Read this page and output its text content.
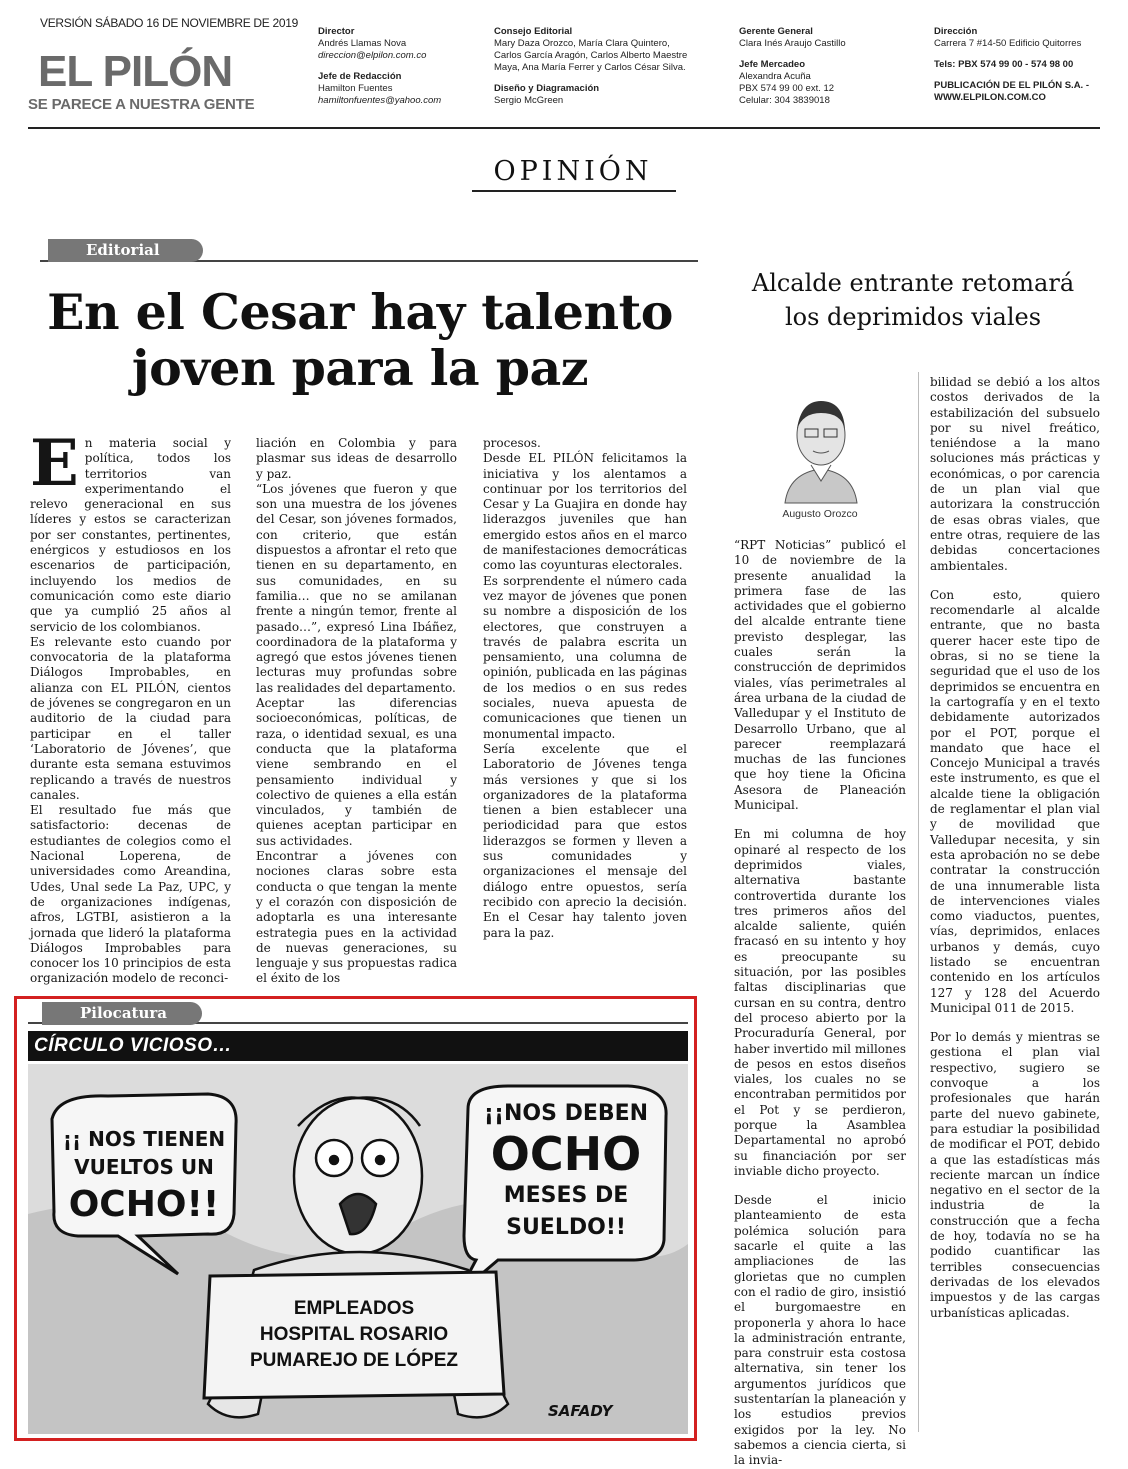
VERSIÓN SÁBADO 16 DE NOVIEMBRE DE 2019
EL PILÓN
SE PARECE A NUESTRA GENTE
Director
Andrés Llamas Nova
direccion@elpilon.com.co
Jefe de Redacción
Hamilton Fuentes
hamiltonfuentes@yahoo.com
Consejo Editorial
Mary Daza Orozco, María Clara Quintero,
Carlos García Aragón, Carlos Alberto Maestre
Maya, Ana María Ferrer y Carlos César Silva.
Diseño y Diagramación
Sergio McGreen
Gerente General
Clara Inés Araujo Castillo
Jefe Mercadeo
Alexandra Acuña
PBX 574 99 00 ext. 12
Celular: 304 3839018
Dirección
Carrera 7 #14-50 Edificio Quitorres
Tels: PBX 574 99 00 - 574 98 00
PUBLICACIÓN DE EL PILÓN S.A. -
WWW.ELPILON.COM.CO
OPINIÓN
Editorial
En el Cesar hay talento
joven para la paz
E n materia social y política, todos los territorios van experimentando el relevo generacional en sus líderes y estos se caracterizan por ser constantes, pertinentes, enérgicos y estudiosos en los escenarios de participación, incluyendo los medios de comunicación como este diario que ya cumplió 25 años al servicio de los colombianos.

Es relevante esto cuando por convocatoria de la plataforma Diálogos Improbables, en alianza con EL PILÓN, cientos de jóvenes se congregaron en un auditorio de la ciudad para participar en el taller ‘Laboratorio de Jóvenes’, que durante esta semana estuvimos replicando a través de nuestros canales.

El resultado fue más que satisfactorio: decenas de estudiantes de colegios como el Nacional Loperena, de universidades como Areandina, Udes, Unal sede La Paz, UPC, y de organizaciones indígenas, afros, LGTBI, asistieron a la jornada que lideró la plataforma Diálogos Improbables para conocer los 10 principios de esta organización modelo de reconci-

liación en Colombia y para plasmar sus ideas de desarrollo y paz.

“Los jóvenes que fueron y que son una muestra de los jóvenes del Cesar, son jóvenes formados, con criterio, que están dispuestos a afrontar el reto que tienen en su departamento, en sus comunidades, en su familia… que no se amilanan frente a ningún temor, frente al pasado…”, expresó Lina Ibáñez, coordinadora de la plataforma y agregó que estos jóvenes tienen lecturas muy profundas sobre las realidades del departamento.

Aceptar las diferencias socioeconómicas, políticas, de raza, o identidad sexual, es una conducta que la plataforma viene sembrando en el pensamiento individual y colectivo de quienes a ella están vinculados, y también de quienes aceptan participar en sus actividades.

Encontrar a jóvenes con nociones claras sobre esta conducta o que tengan la mente y el corazón con disposición de adoptarla es una interesante estrategia pues en la actividad de nuevas generaciones, su lenguaje y sus propuestas radica el éxito de los

procesos.

Desde EL PILÓN felicitamos la iniciativa y los alentamos a continuar por los territorios del Cesar y La Guajira en donde hay liderazgos juveniles que han emergido estos años en el marco de manifestaciones democráticas como las coyunturas electorales.

Es sorprendente el número cada vez mayor de jóvenes que ponen su nombre a disposición de los electores, que construyen a través de palabra escrita un pensamiento, una columna de opinión, publicada en las páginas de los medios o en sus redes sociales, nueva apuesta de comunicaciones que tienen un monumental impacto.

Sería excelente que el Laboratorio de Jóvenes tenga más versiones y que si los organizadores de la plataforma tienen a bien establecer una periodicidad para que estos liderazgos se formen y lleven a sus comunidades y organizaciones el mensaje del diálogo entre opuestos, sería recibido con aprecio la decisión. En el Cesar hay talento joven para la paz.

Pilocatura
CÍRCULO VICIOSO…
¡¡ NOS TIENEN
VUELTOS UN
OCHO!!
¡¡NOS DEBEN
OCHO
MESES DE
SUELDO!!
EMPLEADOS
HOSPITAL ROSARIO
PUMAREJO DE LÓPEZ
SAFADY
Alcalde entrante retomará
los deprimidos viales
Augusto Orozco

“RPT Noticias” publicó el 10 de noviembre de la presente anualidad la primera fase de las actividades que el gobierno del alcalde entrante tiene previsto desplegar, las cuales serán la construcción de deprimidos viales, vías perimetrales al área urbana de la ciudad de Valledupar y el Instituto de Desarrollo Urbano, que al parecer reemplazará muchas de las funciones que hoy tiene la Oficina Asesora de Planeación Municipal.

En mi columna de hoy opinaré al respecto de los deprimidos viales, alternativa bastante controvertida durante los tres primeros años del alcalde saliente, quién fracasó en su intento y hoy es preocupante su situación, por las posibles faltas disciplinarias que cursan en su contra, dentro del proceso abierto por la Procuraduría General, por haber invertido mil millones de pesos en estos diseños viales, los cuales no se encontraban permitidos por el Pot y se perdieron, porque la Asamblea Departamental no aprobó su financiación por ser inviable dicho proyecto.

Desde el inicio planteamiento de esta polémica solución para sacarle el quite a las ampliaciones de las glorietas que no cumplen con el radio de giro, insistió el burgomaestre en proponerla y ahora lo hace la administración entrante, para construir esta costosa alternativa, sin tener los argumentos jurídicos que sustentarían la planeación y los estudios previos exigidos por la ley. No sabemos a ciencia cierta, si la invia-

bilidad se debió a los altos costos derivados de la estabilización del subsuelo por su nivel freático, teniéndose a la mano soluciones más prácticas y económicas, o por carencia de un plan vial que autorizara la construcción de esas obras viales, que entre otras, requiere de las debidas concertaciones ambientales.

Con esto, quiero recomendarle al alcalde entrante, que no basta querer hacer este tipo de obras, si no se tiene la seguridad que el uso de los deprimidos se encuentra en la cartografía y en el texto debidamente autorizados por el POT, porque el mandato que hace el Concejo Municipal a través este instrumento, es que el alcalde tiene la obligación de reglamentar el plan vial y de movilidad que Valledupar necesita, y sin esta aprobación no se debe contratar la construcción de una innumerable lista de intervenciones viales como viaductos, puentes, vías, deprimidos, enlaces urbanos y demás, cuyo listado se encuentran contenido en los artículos 127 y 128 del Acuerdo Municipal 011 de 2015.

Por lo demás y mientras se gestiona el plan vial respectivo, sugiero se convoque a los profesionales que harán parte del nuevo gabinete, para estudiar la posibilidad de modificar el POT, debido a que las estadísticas más reciente marcan un índice negativo en el sector de la industria de la construcción que a fecha de hoy, todavía no se ha podido cuantificar las terribles consecuencias derivadas de los elevados impuestos y de las cargas urbanísticas aplicadas.
